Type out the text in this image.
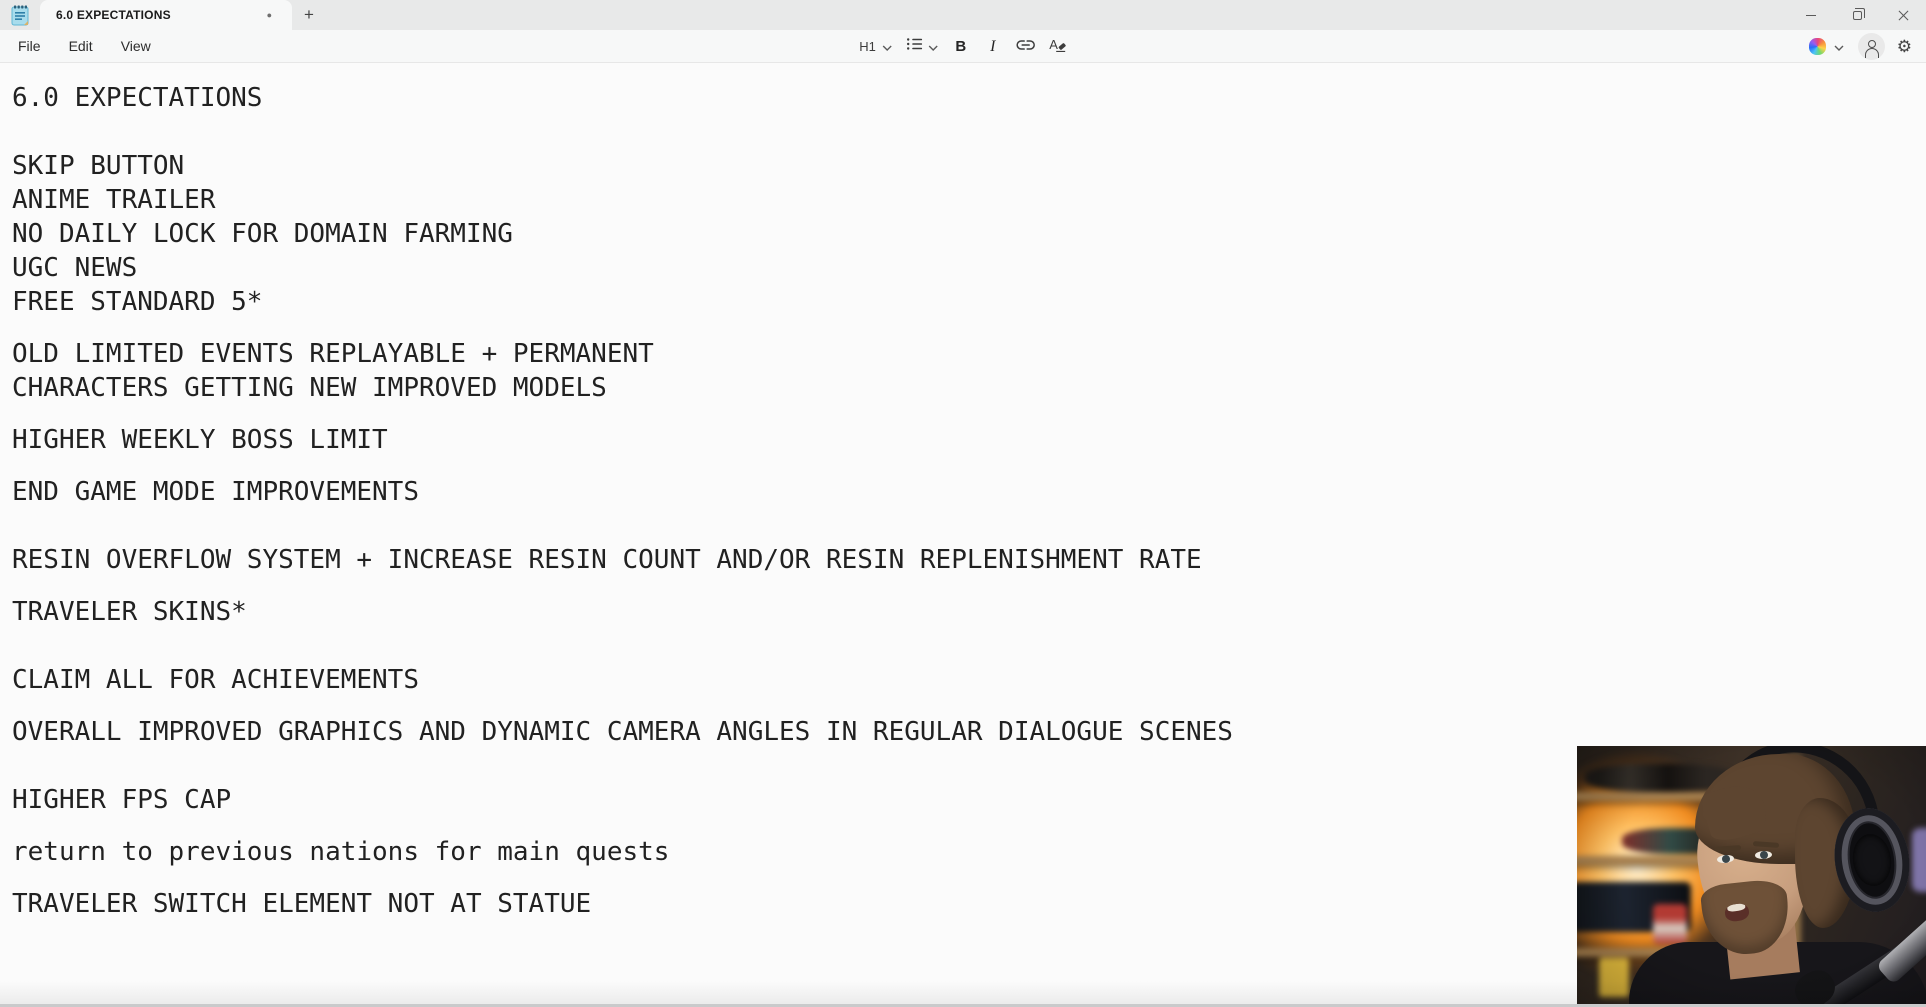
6.0 EXPECTATIONS	●	+
File	Edit	View	H1	B I	A	⚙
6.0 EXPECTATIONS
SKIP BUTTON
ANIME TRAILER
NO DAILY LOCK FOR DOMAIN FARMING
UGC NEWS
FREE STANDARD 5*
OLD LIMITED EVENTS REPLAYABLE + PERMANENT
CHARACTERS GETTING NEW IMPROVED MODELS
HIGHER WEEKLY BOSS LIMIT
END GAME MODE IMPROVEMENTS
RESIN OVERFLOW SYSTEM + INCREASE RESIN COUNT AND/OR RESIN REPLENISHMENT RATE
TRAVELER SKINS*
CLAIM ALL FOR ACHIEVEMENTS
OVERALL IMPROVED GRAPHICS AND DYNAMIC CAMERA ANGLES IN REGULAR DIALOGUE SCENES
HIGHER FPS CAP
return to previous nations for main quests
TRAVELER SWITCH ELEMENT NOT AT STATUE
